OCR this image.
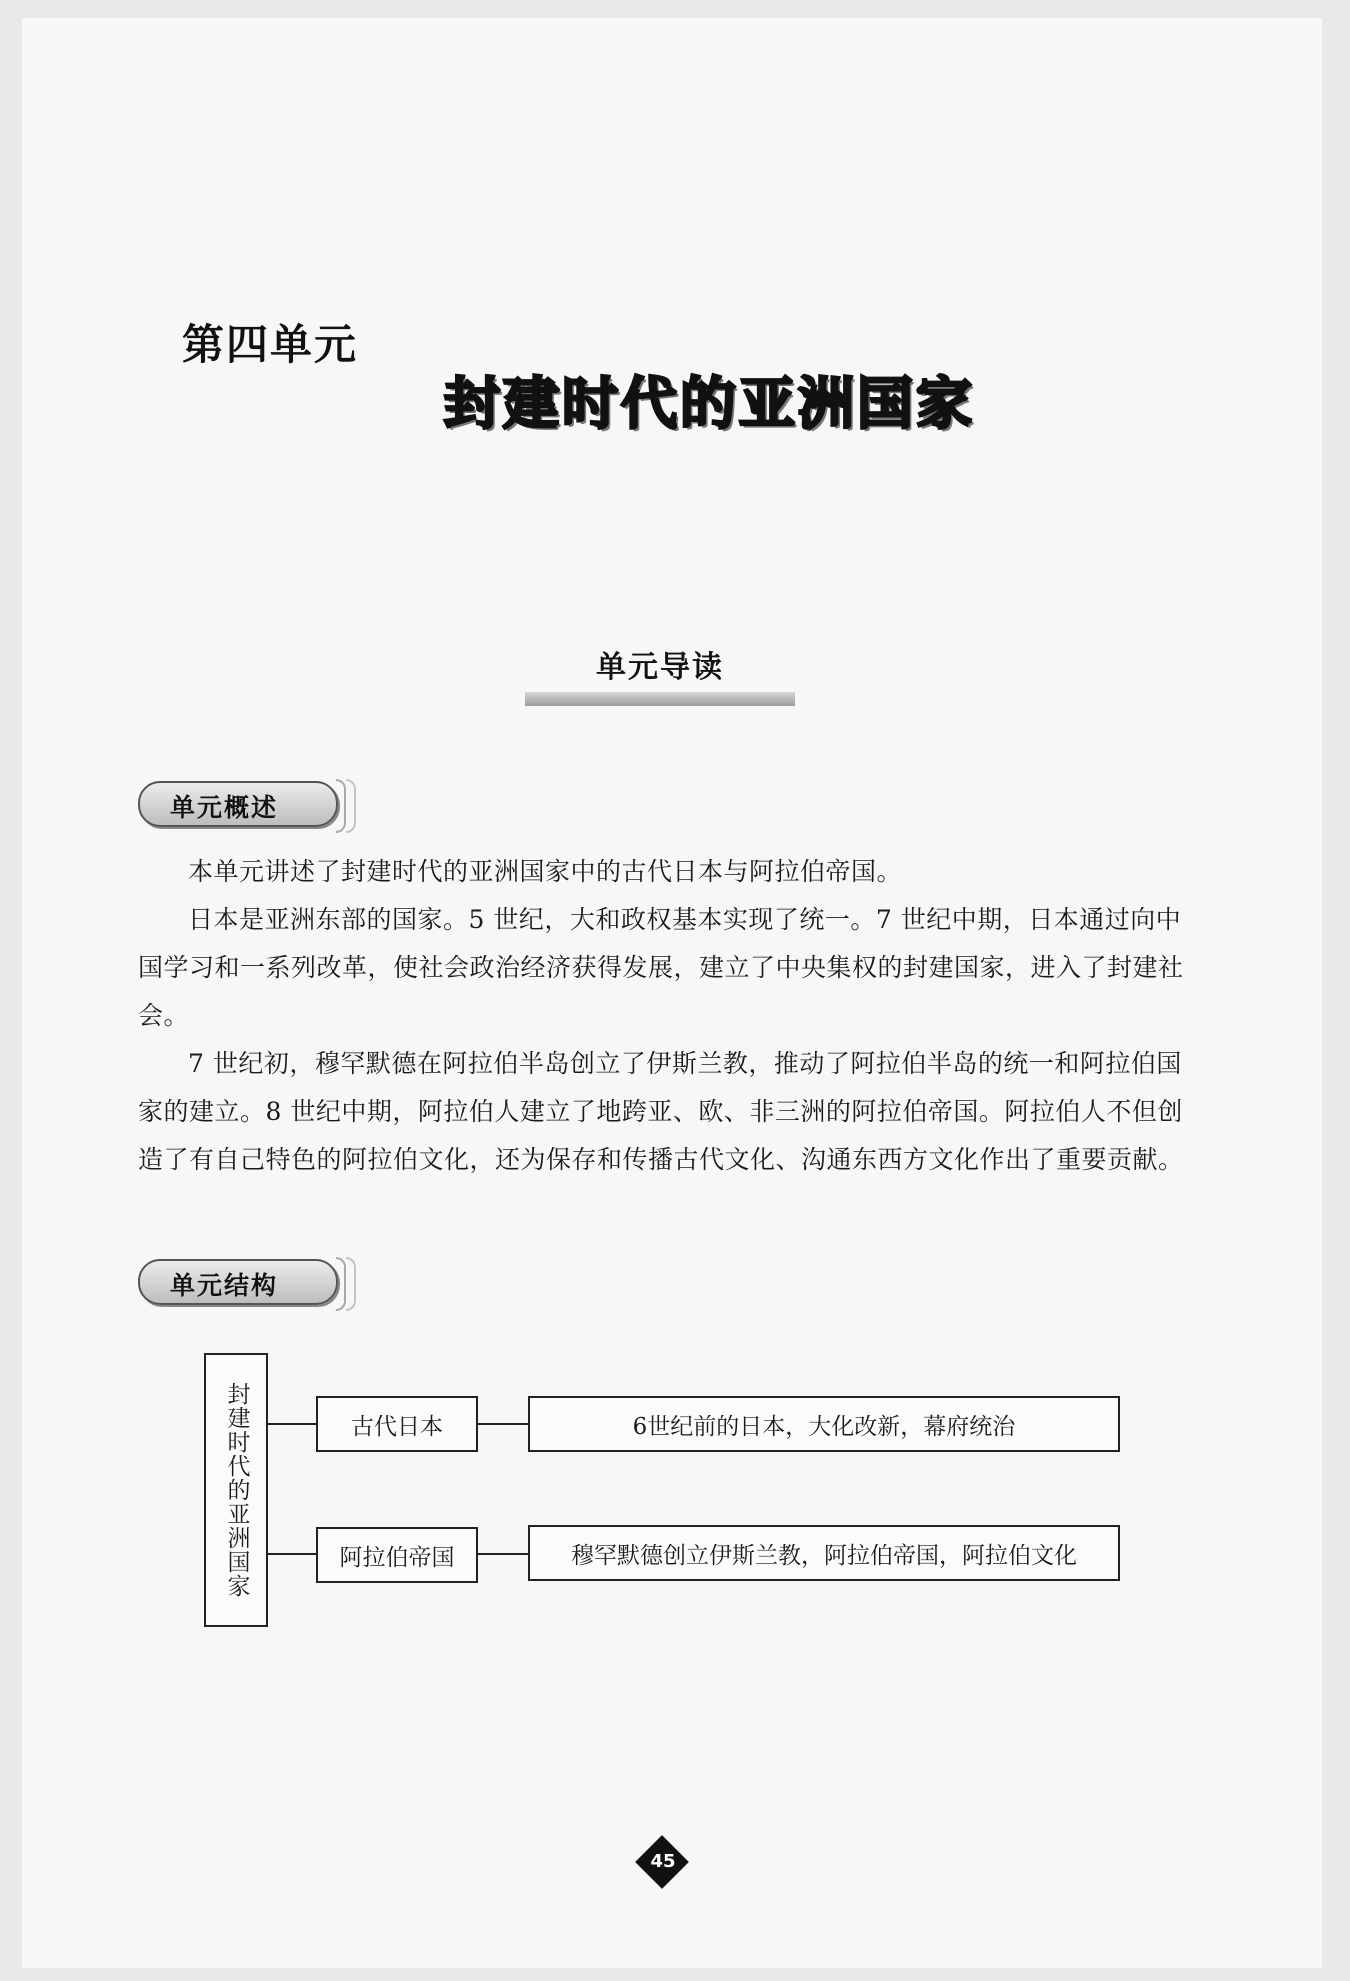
第四单元
封建时代的亚洲国家
单元导读
单元概述

本单元讲述了封建时代的亚洲国家中的古代日本与阿拉伯帝国。

日本是亚洲东部的国家。5 世纪，大和政权基本实现了统一。7 世纪中期，日本通过向中国学习和一系列改革，使社会政治经济获得发展，建立了中央集权的封建国家，进入了封建社会。

7 世纪初，穆罕默德在阿拉伯半岛创立了伊斯兰教，推动了阿拉伯半岛的统一和阿拉伯国家的建立。8 世纪中期，阿拉伯人建立了地跨亚、欧、非三洲的阿拉伯帝国。阿拉伯人不但创造了有自己特色的阿拉伯文化，还为保存和传播古代文化、沟通东西方文化作出了重要贡献。

单元结构
封建时代的亚洲国家	古代日本	6世纪前的日本，大化改新，幕府统治
阿拉伯帝国	穆罕默德创立伊斯兰教，阿拉伯帝国，阿拉伯文化
45
